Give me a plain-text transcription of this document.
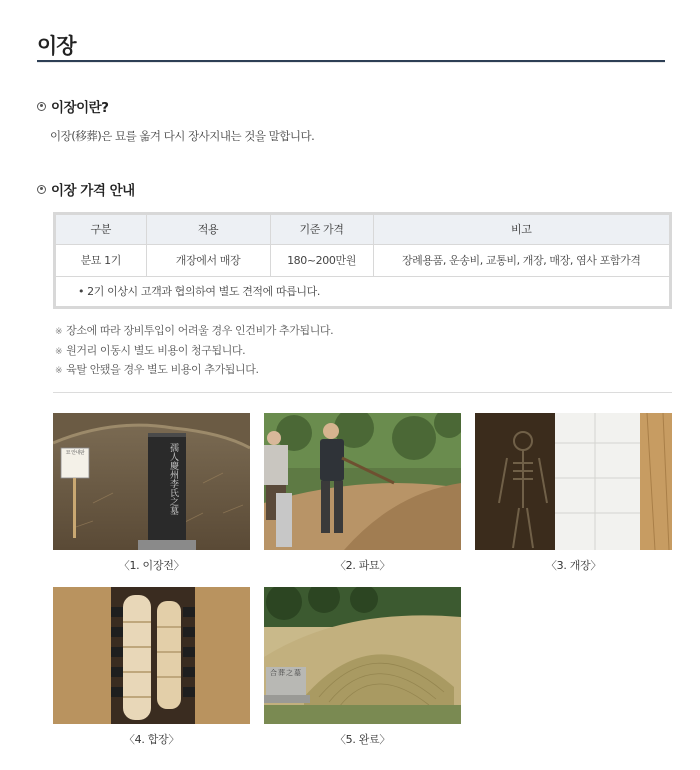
이장
이장이란?
이장(移葬)은 묘를 옮겨 다시 장사지내는 것을 말합니다.
이장 가격 안내
구분	적용	기준 가격	비고
분묘 1기	개장에서 매장	180~200만원	장례용품, 운송비, 교통비, 개장, 매장, 염사 포함가격
• 2기 이상시 고객과 협의하여 별도 견적에 따릅니다.			
※ 장소에 따라 장비투입이 어려울 경우 인건비가 추가됩니다.
※ 원거리 이동시 별도 비용이 청구됩니다.
※ 육탈 안됐을 경우 별도 비용이 추가됩니다.
묘 안내판	孺人慶州李氏之墓
〈1. 이장전〉	〈2. 파묘〉	〈3. 개장〉
〈4. 합장〉
合葬之墓
〈5. 완료〉
